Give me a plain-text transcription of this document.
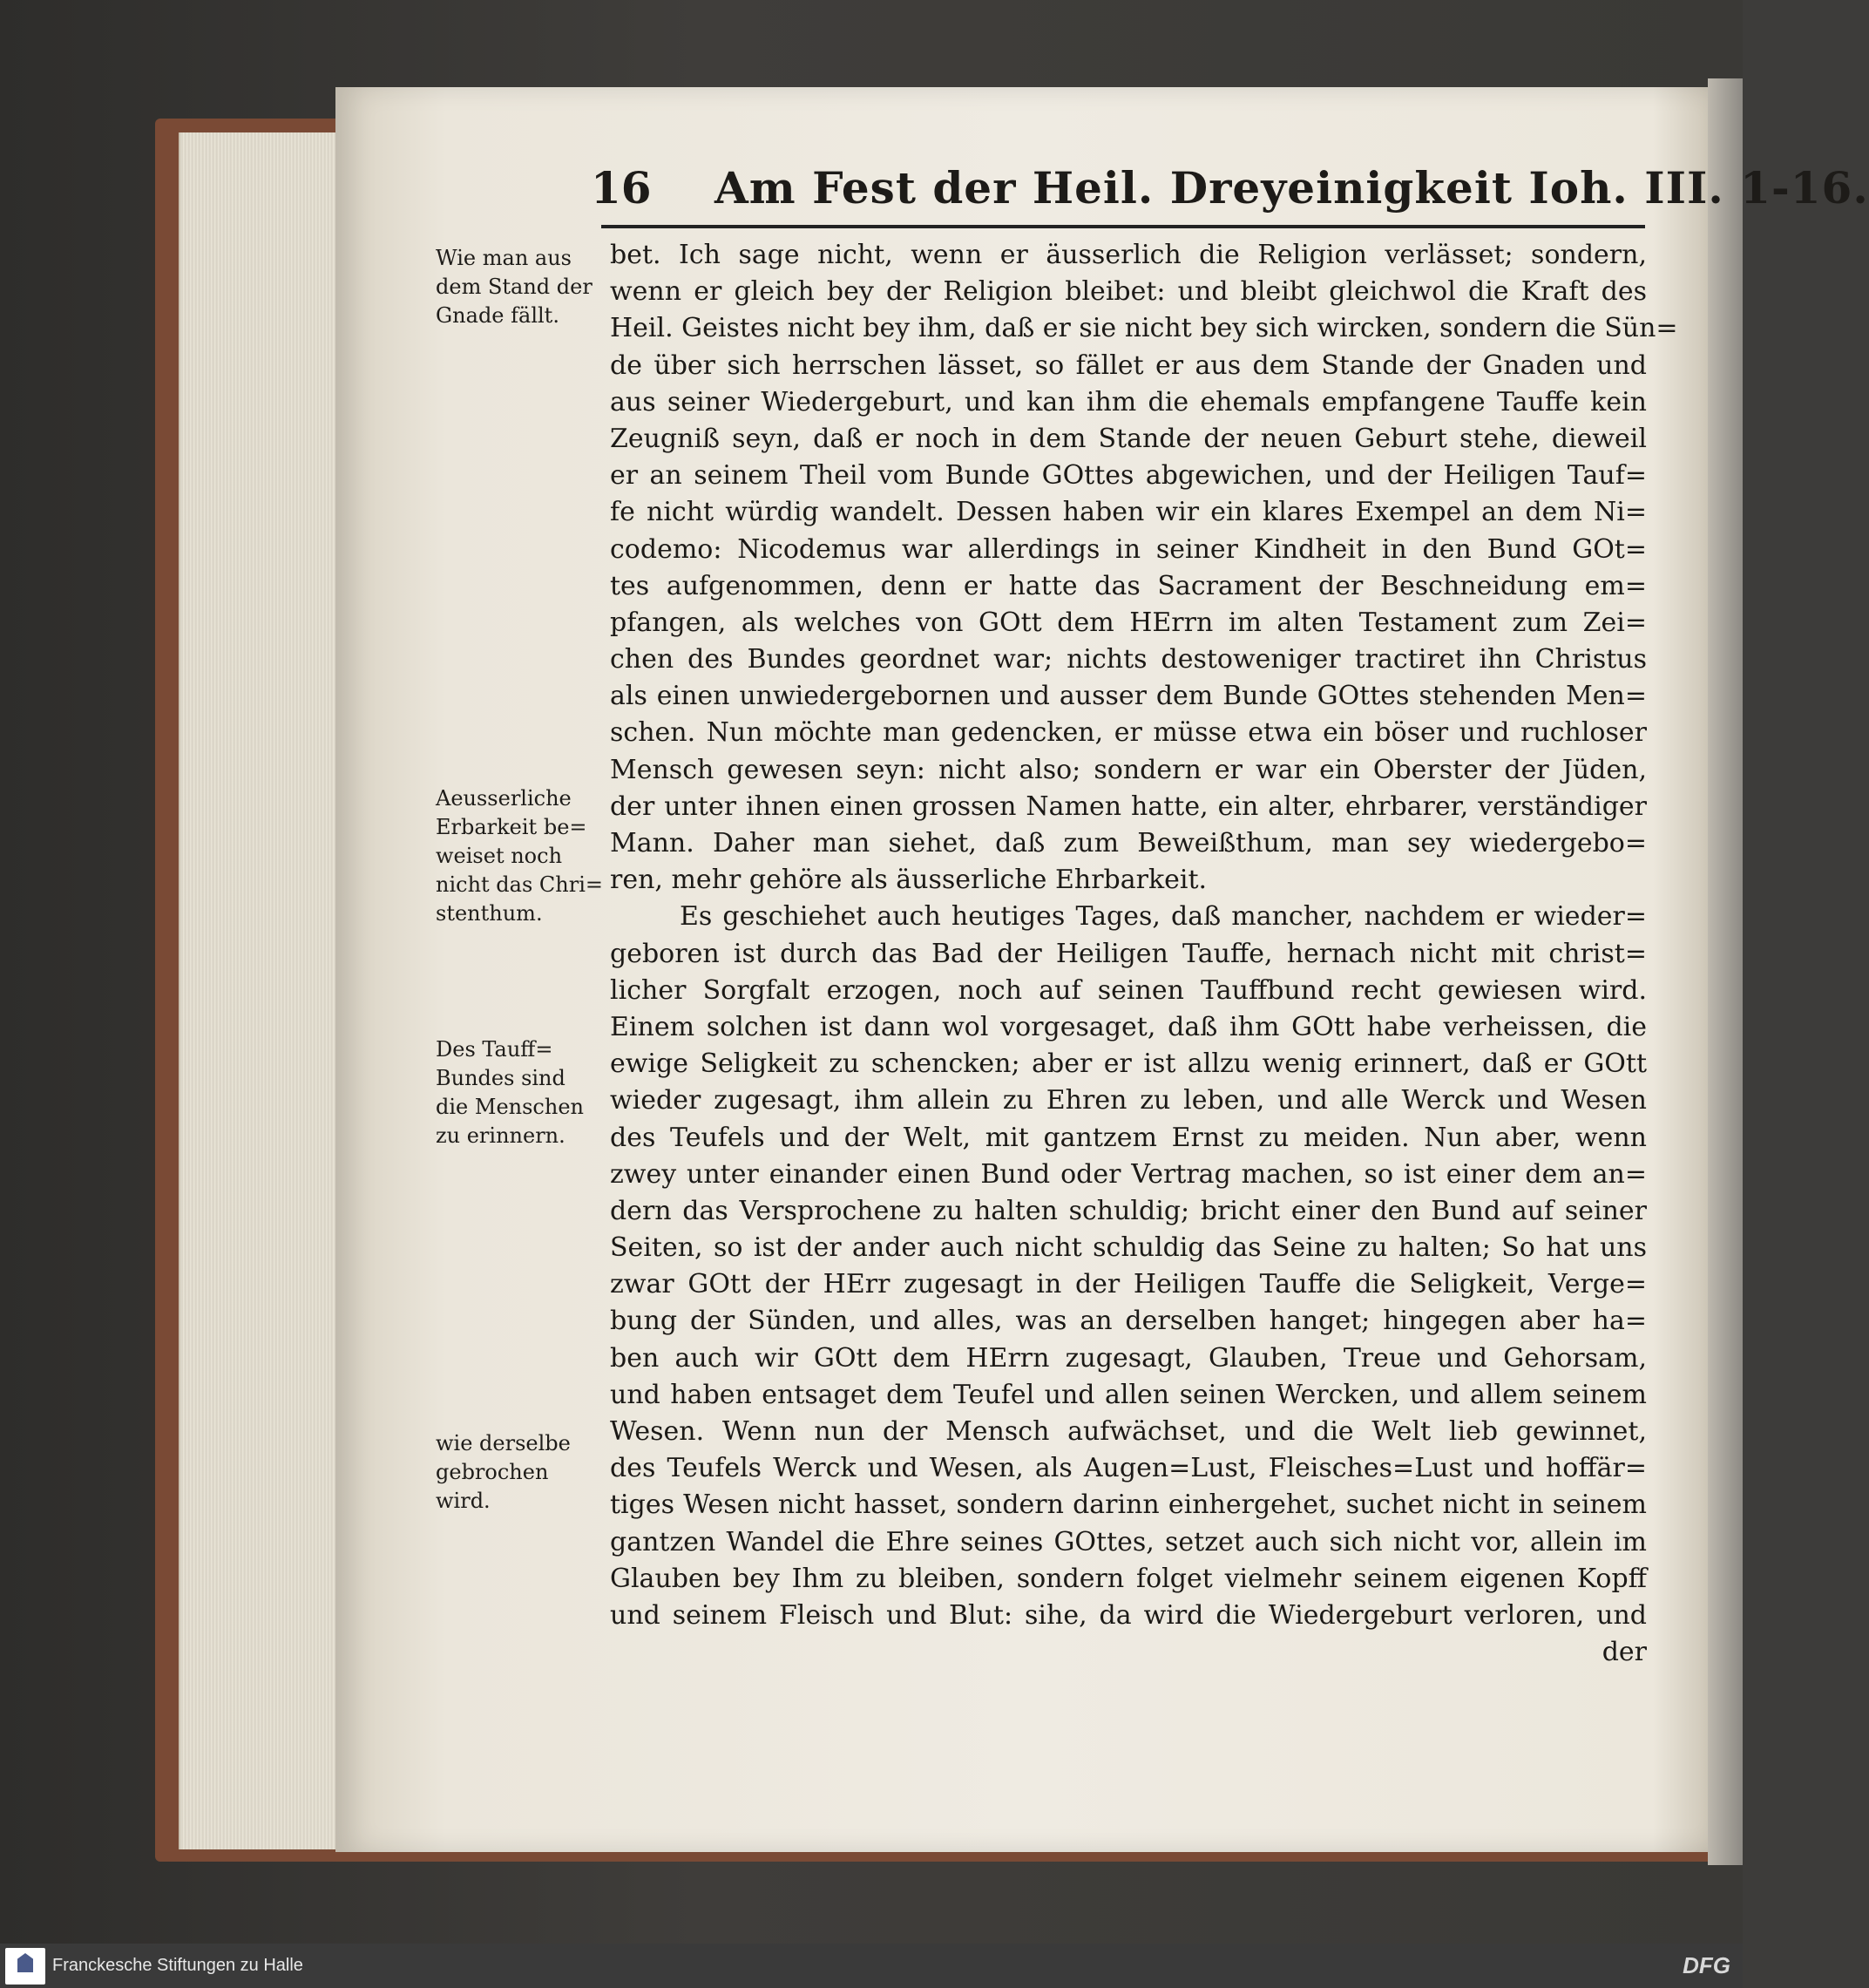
16 Am Fest der Heil. Dreyeinigkeit Ioh. III. 1-16.
bet. Ich sage nicht, wenn er äusserlich die Religion verlässet; sondern,
wenn er gleich bey der Religion bleibet: und bleibt gleichwol die Kraft des
Heil. Geistes nicht bey ihm, daß er sie nicht bey sich wircken, sondern die Sün=
de über sich herrschen lässet, so fället er aus dem Stande der Gnaden und
aus seiner Wiedergeburt, und kan ihm die ehemals empfangene Tauffe kein
Zeugniß seyn, daß er noch in dem Stande der neuen Geburt stehe, dieweil
er an seinem Theil vom Bunde GOttes abgewichen, und der Heiligen Tauf=
fe nicht würdig wandelt. Dessen haben wir ein klares Exempel an dem Ni=
codemo: Nicodemus war allerdings in seiner Kindheit in den Bund GOt=
tes aufgenommen, denn er hatte das Sacrament der Beschneidung em=
pfangen, als welches von GOtt dem HErrn im alten Testament zum Zei=
chen des Bundes geordnet war; nichts destoweniger tractiret ihn Christus
als einen unwiedergebornen und ausser dem Bunde GOttes stehenden Men=
schen. Nun möchte man gedencken, er müsse etwa ein böser und ruchloser
Mensch gewesen seyn: nicht also; sondern er war ein Oberster der Jüden,
der unter ihnen einen grossen Namen hatte, ein alter, ehrbarer, verständiger
Mann. Daher man siehet, daß zum Beweißthum, man sey wiedergebo=
ren, mehr gehöre als äusserliche Ehrbarkeit.
Es geschiehet auch heutiges Tages, daß mancher, nachdem er wieder=
geboren ist durch das Bad der Heiligen Tauffe, hernach nicht mit christ=
licher Sorgfalt erzogen, noch auf seinen Tauffbund recht gewiesen wird.
Einem solchen ist dann wol vorgesaget, daß ihm GOtt habe verheissen, die
ewige Seligkeit zu schencken; aber er ist allzu wenig erinnert, daß er GOtt
wieder zugesagt, ihm allein zu Ehren zu leben, und alle Werck und Wesen
des Teufels und der Welt, mit gantzem Ernst zu meiden. Nun aber, wenn
zwey unter einander einen Bund oder Vertrag machen, so ist einer dem an=
dern das Versprochene zu halten schuldig; bricht einer den Bund auf seiner
Seiten, so ist der ander auch nicht schuldig das Seine zu halten; So hat uns
zwar GOtt der HErr zugesagt in der Heiligen Tauffe die Seligkeit, Verge=
bung der Sünden, und alles, was an derselben hanget; hingegen aber ha=
ben auch wir GOtt dem HErrn zugesagt, Glauben, Treue und Gehorsam,
und haben entsaget dem Teufel und allen seinen Wercken, und allem seinem
Wesen. Wenn nun der Mensch aufwächset, und die Welt lieb gewinnet,
des Teufels Werck und Wesen, als Augen=Lust, Fleisches=Lust und hoffär=
tiges Wesen nicht hasset, sondern darinn einhergehet, suchet nicht in seinem
gantzen Wandel die Ehre seines GOttes, setzet auch sich nicht vor, allein im
Glauben bey Ihm zu bleiben, sondern folget vielmehr seinem eigenen Kopff
und seinem Fleisch und Blut: sihe, da wird die Wiedergeburt verloren, und
der
Wie man aus
dem Stand der
Gnade fällt.
Aeusserliche
Erbarkeit be=
weiset noch
nicht das Chri=
stenthum.
Des Tauff=
Bundes sind
die Menschen
zu erinnern.
wie derselbe
gebrochen
wird.
Franckesche Stiftungen zu Halle	DFG
